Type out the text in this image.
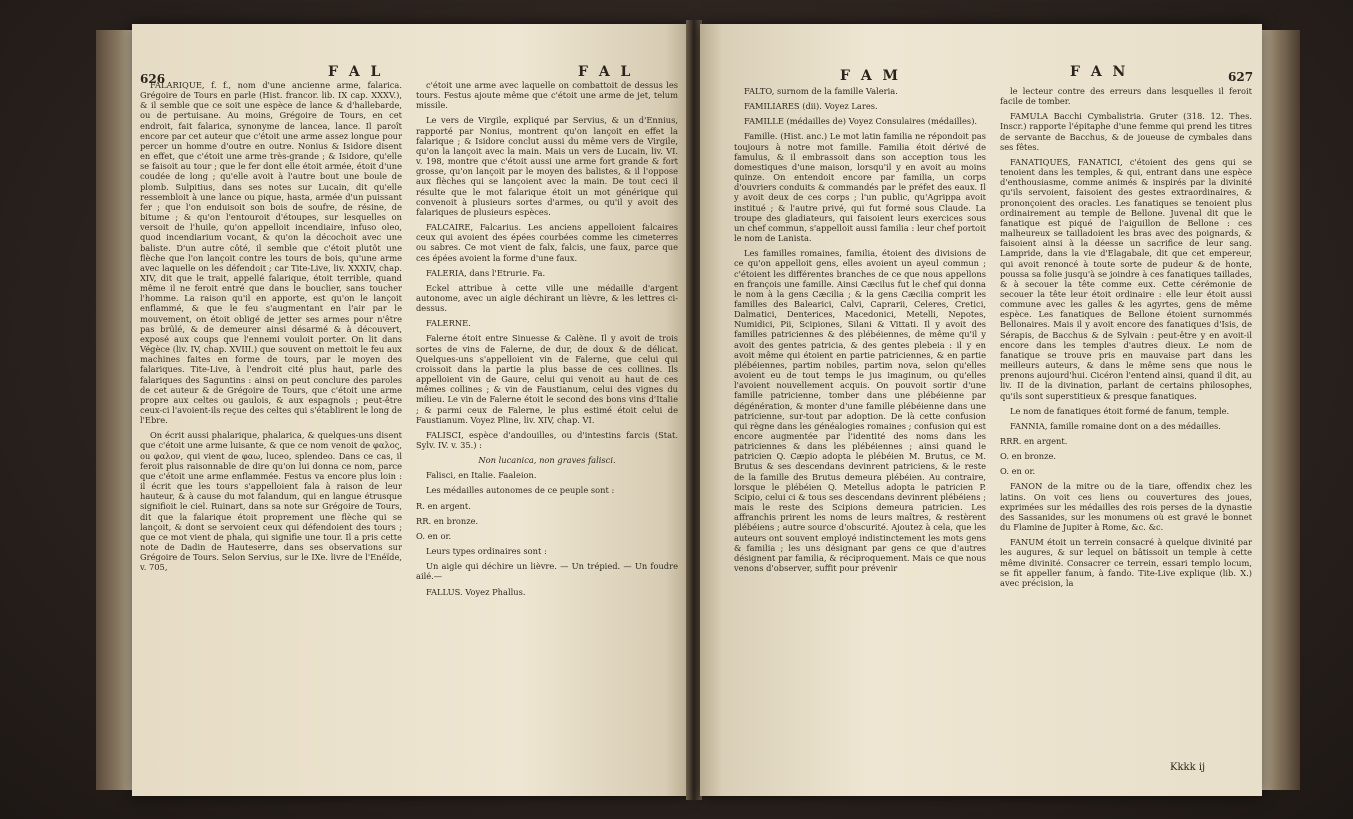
626	F A L	F A L

FALARIQUE, f. f., nom d'une ancienne arme, falarica. Grégoire de Tours en parle (Hist. francor. lib. IX cap. XXXV.), & il semble que ce soit une espèce de lance & d'hallebarde, ou de pertuisane. Au moins, Grégoire de Tours, en cet endroit, fait falarica, synonyme de lancea, lance. Il paroît encore par cet auteur que c'étoit une arme assez longue pour percer un homme d'outre en outre. Nonius & Isidore disent en effet, que c'étoit une arme très-grande ; & Isidore, qu'elle se faisoit au tour ; que le fer dont elle étoit armée, étoit d'une coudée de long ; qu'elle avoit à l'autre bout une boule de plomb. Sulpitius, dans ses notes sur Lucain, dit qu'elle ressembloit à une lance ou pique, hasta, armée d'un puissant fer ; que l'on enduisoit son bois de soufre, de résine, de bitume ; & qu'on l'entouroit d'étoupes, sur lesquelles on versoit de l'huile, qu'on appelloit incendiaire, infuso oleo, quod incendiarium vocant, & qu'on la décochoit avec une baliste. D'un autre côté, il semble que c'étoit plutôt une flèche que l'on lançoit contre les tours de bois, qu'une arme avec laquelle on les défendoit ; car Tite-Live, liv. XXXIV, chap. XIV, dit que le trait, appellé falarique, étoit terrible, quand même il ne feroit entré que dans le bouclier, sans toucher l'homme. La raison qu'il en apporte, est qu'on le lançoit enflammé, & que le feu s'augmentant en l'air par le mouvement, on étoit obligé de jetter ses armes pour n'être pas brûlé, & de demeurer ainsi désarmé & à découvert, exposé aux coups que l'ennemi vouloit porter. On lit dans Végèce (liv. IV, chap. XVIII.) que souvent on mettoit le feu aux machines faites en forme de tours, par le moyen des falariques. Tite-Live, à l'endroit cité plus haut, parle des falariques des Saguntins : ainsi on peut conclure des paroles de cet auteur & de Grégoire de Tours, que c'étoit une arme propre aux celtes ou gaulois, & aux espagnols ; peut-être ceux-ci l'avoient-ils reçue des celtes qui s'établirent le long de l'Ebre.

On écrit aussi phalarique, phalarica, & quelques-uns disent que c'étoit une arme luisante, & que ce nom venoit de φαλος, ou φαλον, qui vient de φαω, luceo, splendeo. Dans ce cas, il feroit plus raisonnable de dire qu'on lui donna ce nom, parce que c'étoit une arme enflammée. Festus va encore plus loin : il écrit que les tours s'appelloient fala à raison de leur hauteur, & à cause du mot falandum, qui en langue étrusque signifioit le ciel. Ruinart, dans sa note sur Grégoire de Tours, dit que la falarique étoit proprement une flèche qui se lançoit, & dont se servoient ceux qui défendoient des tours ; que ce mot vient de phala, qui signifie une tour. Il a pris cette note de Dadin de Hauteserre, dans ses observations sur Grégoire de Tours. Selon Servius, sur le IXe. livre de l'Enéïde, v. 705,

c'étoit une arme avec laquelle on combattoit de dessus les tours. Festus ajoute même que c'étoit une arme de jet, telum missile.

Le vers de Virgile, expliqué par Servius, & un d'Ennius, rapporté par Nonius, montrent qu'on lançoit en effet la falarique ; & Isidore conclut aussi du même vers de Virgile, qu'on la lançoit avec la main. Mais un vers de Lucain, liv. VI. v. 198, montre que c'étoit aussi une arme fort grande & fort grosse, qu'on lançoit par le moyen des balistes, & il l'oppose aux flèches qui se lançoient avec la main. De tout ceci il résulte que le mot falarique étoit un mot générique qui convenoit à plusieurs sortes d'armes, ou qu'il y avoit des falariques de plusieurs espèces.

FALCAIRE, Falcarius. Les anciens appelloient falcaires ceux qui avoient des épées courbées comme les cimeterres ou sabres. Ce mot vient de falx, falcis, une faux, parce que ces épées avoient la forme d'une faux.

FALERIA, dans l'Etrurie. Fa.

Eckel attribue à cette ville une médaille d'argent autonome, avec un aigle déchirant un lièvre, & les lettres ci-dessus.

FALERNE.

Falerne étoit entre Sinuesse & Calène. Il y avoit de trois sortes de vins de Falerne, de dur, de doux & de délicat. Quelques-uns s'appelloient vin de Falerne, que celui qui croissoit dans la partie la plus basse de ces collines. Ils appelloient vin de Gaure, celui qui venoit au haut de ces mêmes collines ; & vin de Faustianum, celui des vignes du milieu. Le vin de Falerne étoit le second des bons vins d'Italie ; & parmi ceux de Falerne, le plus estimé étoit celui de Faustianum. Voyez Pline, liv. XIV, chap. VI.

FALISCI, espèce d'andouilles, ou d'intestins farcis (Stat. Sylv. IV. v. 35.) :

Non lucanica, non graves falisci.

Falisci, en Italie. Faaleion.

Les médailles autonomes de ce peuple sont :

R. en argent.

RR. en bronze.

O. en or.

Leurs types ordinaires sont :

Un aigle qui déchire un lièvre. — Un trépied. — Un foudre ailé.—

FALLUS. Voyez Phallus.

F A M	F A N	627

FALTO, surnom de la famille Valeria.

FAMILIARES (dii). Voyez Lares.

FAMILLE (médailles de) Voyez Consulaires (médailles).

Famille. (Hist. anc.) Le mot latin familia ne répondoit pas toujours à notre mot famille. Familia étoit dérivé de famulus, & il embrassoit dans son acception tous les domestiques d'une maison, lorsqu'il y en avoit au moins quinze. On entendoit encore par familia, un corps d'ouvriers conduits & commandés par le préfet des eaux. Il y avoit deux de ces corps ; l'un public, qu'Agrippa avoit institué ; & l'autre privé, qui fut formé sous Claude. La troupe des gladiateurs, qui faisoient leurs exercices sous un chef commun, s'appelloit aussi familia : leur chef portoit le nom de Lanista.

Les familles romaines, familia, étoient des divisions de ce qu'on appelloit gens, elles avoient un ayeul commun ; c'étoient les différentes branches de ce que nous appellons en françois une famille. Ainsi Cæcilus fut le chef qui donna le nom à la gens Cæcilia ; & la gens Cæcilia comprit les familles des Balearici, Calvi, Caprarii, Celeres, Cretici, Dalmatici, Denterices, Macedonici, Metelli, Nepotes, Numidici, Pii, Scipiones, Silani & Vittati. Il y avoit des familles patriciennes & des plébéiennes, de même qu'il y avoit des gentes patricia, & des gentes plebeia : il y en avoit même qui étoient en partie patriciennes, & en partie plébéiennes, partim nobiles, partim nova, selon qu'elles avoient eu de tout temps le jus imaginum, ou qu'elles l'avoient nouvellement acquis. On pouvoit sortir d'une famille patricienne, tomber dans une plébéienne par dégénération, & monter d'une famille plébéienne dans une patricienne, sur-tout par adoption. De là cette confusion qui règne dans les généalogies romaines ; confusion qui est encore augmentée par l'identité des noms dans les patriciennes & dans les plébéiennes ; ainsi quand le patricien Q. Cæpio adopta le plébéien M. Brutus, ce M. Brutus & ses descendans devinrent patriciens, & le reste de la famille des Brutus demeura plébéien. Au contraire, lorsque le plébéien Q. Metellus adopta le patricien P. Scipio, celui ci & tous ses descendans devinrent plébéiens ; mais le reste des Scipions demeura patricien. Les affranchis prirent les noms de leurs maîtres, & restèrent plébéiens ; autre source d'obscurité. Ajoutez à cela, que les auteurs ont souvent employé indistinctement les mots gens & familia ; les uns désignant par gens ce que d'autres désignent par familia, & réciproquement. Mais ce que nous venons d'observer, suffit pour prévenir

le lecteur contre des erreurs dans lesquelles il feroit facile de tomber.

FAMULA Bacchi Cymbalistria. Gruter (318. 12. Thes. Inscr.) rapporte l'épitaphe d'une femme qui prend les titres de servante de Bacchus, & de joueuse de cymbales dans ses fêtes.

FANATIQUES, FANATICI, c'étoient des gens qui se tenoient dans les temples, & qui, entrant dans une espèce d'enthousiasme, comme animés & inspirés par la divinité qu'ils servoient, faisoient des gestes extraordinaires, & prononçoient des oracles. Les fanatiques se tenoient plus ordinairement au temple de Bellone. Juvenal dit que le fanatique est piqué de l'aiguillon de Bellone : ces malheureux se tailladoient les bras avec des poignards, & faisoient ainsi à la déesse un sacrifice de leur sang. Lampride, dans la vie d'Elagabale, dit que cet empereur, qui avoit renoncé à toute sorte de pudeur & de honte, poussa sa folie jusqu'à se joindre à ces fanatiques taillades, & à secouer la tête comme eux. Cette cérémonie de secouer la tête leur étoit ordinaire : elle leur étoit aussi commune avec les galles & les agyrtes, gens de même espèce. Les fanatiques de Bellone étoient surnommés Bellonaires. Mais il y avoit encore des fanatiques d'Isis, de Sérapis, de Bacchus & de Sylvain : peut-être y en avoit-il encore dans les temples d'autres dieux. Le nom de fanatique se trouve pris en mauvaise part dans les meilleurs auteurs, & dans le même sens que nous le prenons aujourd'hui. Cicéron l'entend ainsi, quand il dit, au liv. II de la divination, parlant de certains philosophes, qu'ils sont superstitieux & presque fanatiques.

Le nom de fanatiques étoit formé de fanum, temple.

FANNIA, famille romaine dont on a des médailles.

RRR. en argent.

O. en bronze.

O. en or.

FANON de la mitre ou de la tiare, offendix chez les latins. On voit ces liens ou couvertures des joues, exprimées sur les médailles des rois perses de la dynastie des Sassanides, sur les monumens où est gravé le bonnet du Flamine de Jupiter à Rome, &c. &c.

FANUM étoit un terrein consacré à quelque divinité par les augures, & sur lequel on bâtissoit un temple à cette même divinité. Consacrer ce terrein, essari templo locum, se fit appeller fanum, à fando. Tite-Live explique (lib. X.) avec précision, la

Kkkk ij
